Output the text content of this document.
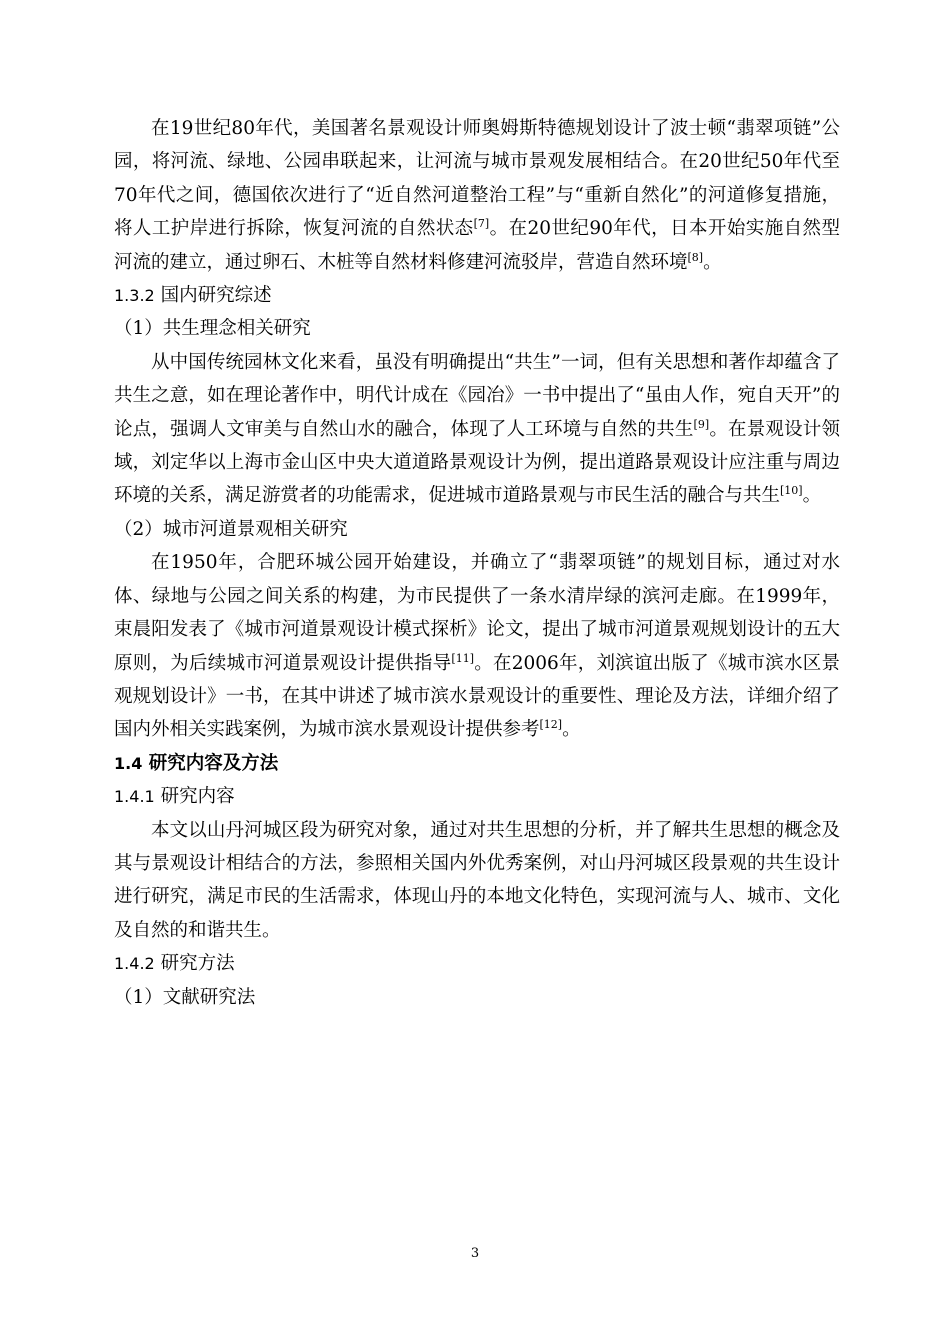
在19世纪80年代，美国著名景观设计师奥姆斯特德规划设计了波士顿“翡翠项链”公园，将河流、绿地、公园串联起来，让河流与城市景观发展相结合。在20世纪50年代至70年代之间，德国依次进行了“近自然河道整治工程”与“重新自然化”的河道修复措施，将人工护岸进行拆除，恢复河流的自然状态[7]。在20世纪90年代，日本开始实施自然型河流的建立，通过卵石、木桩等自然材料修建河流驳岸，营造自然环境[8]。

1.3.2 国内研究综述

（1）共生理念相关研究

从中国传统园林文化来看，虽没有明确提出“共生”一词，但有关思想和著作却蕴含了共生之意，如在理论著作中，明代计成在《园冶》一书中提出了“虽由人作，宛自天开”的论点，强调人文审美与自然山水的融合，体现了人工环境与自然的共生[9]。在景观设计领域，刘定华以上海市金山区中央大道道路景观设计为例，提出道路景观设计应注重与周边环境的关系，满足游赏者的功能需求，促进城市道路景观与市民生活的融合与共生[10]。

（2）城市河道景观相关研究

在1950年，合肥环城公园开始建设，并确立了“翡翠项链”的规划目标，通过对水体、绿地与公园之间关系的构建，为市民提供了一条水清岸绿的滨河走廊。在1999年，束晨阳发表了《城市河道景观设计模式探析》论文，提出了城市河道景观规划设计的五大原则，为后续城市河道景观设计提供指导[11]。在2006年，刘滨谊出版了《城市滨水区景观规划设计》一书，在其中讲述了城市滨水景观设计的重要性、理论及方法，详细介绍了国内外相关实践案例，为城市滨水景观设计提供参考[12]。

1.4 研究内容及方法

1.4.1 研究内容

本文以山丹河城区段为研究对象，通过对共生思想的分析，并了解共生思想的概念及其与景观设计相结合的方法，参照相关国内外优秀案例，对山丹河城区段景观的共生设计进行研究，满足市民的生活需求，体现山丹的本地文化特色，实现河流与人、城市、文化及自然的和谐共生。

1.4.2 研究方法

（1）文献研究法

3
